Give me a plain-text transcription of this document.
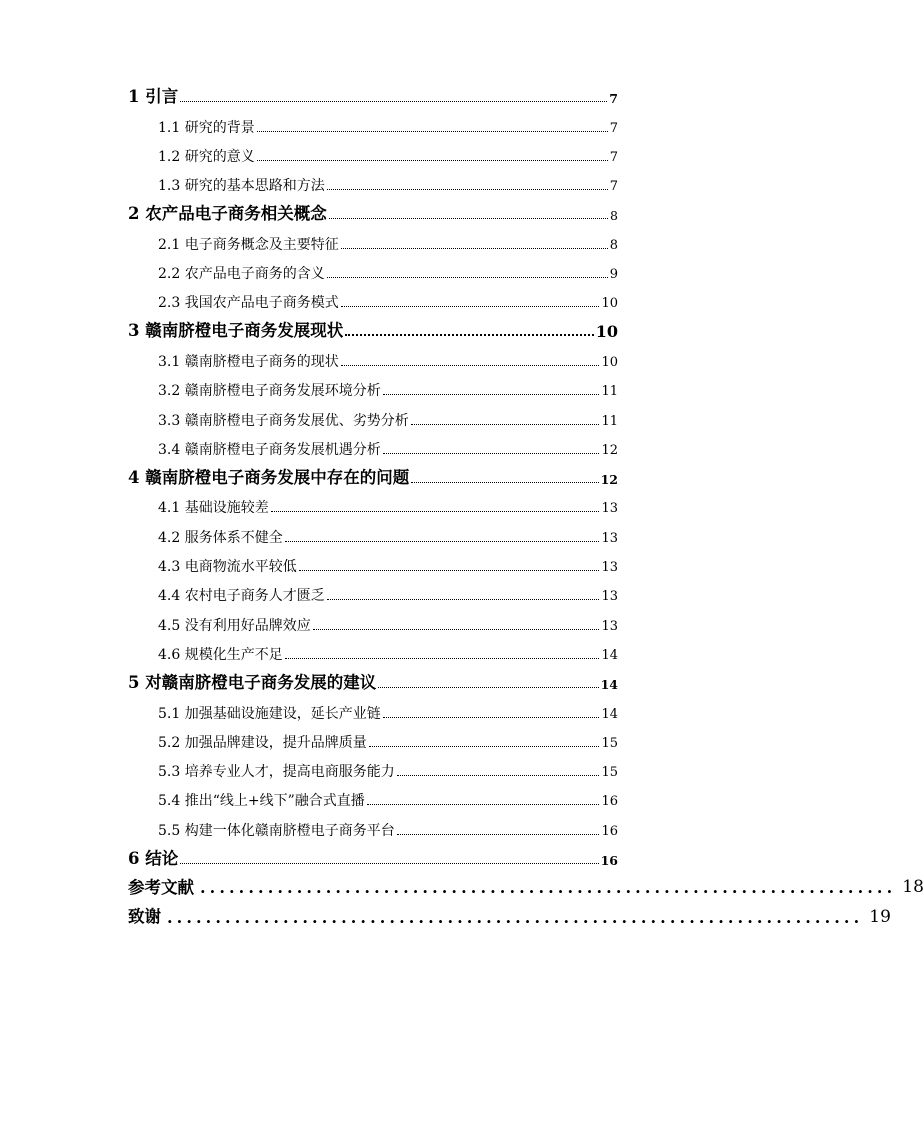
1 引言	7
1.1 研究的背景	7
1.2 研究的意义	7
1.3 研究的基本思路和方法	7
2 农产品电子商务相关概念	8
2.1 电子商务概念及主要特征	8
2.2 农产品电子商务的含义	9
2.3 我国农产品电子商务模式	10
3 赣南脐橙电子商务发展现状	10
3.1 赣南脐橙电子商务的现状	10
3.2 赣南脐橙电子商务发展环境分析	11
3.3 赣南脐橙电子商务发展优、劣势分析	11
3.4 赣南脐橙电子商务发展机遇分析	12
4 赣南脐橙电子商务发展中存在的问题	12
4.1 基础设施较差	13
4.2 服务体系不健全	13
4.3 电商物流水平较低	13
4.4 农村电子商务人才匮乏	13
4.5 没有利用好品牌效应	13
4.6 规模化生产不足	14
5 对赣南脐橙电子商务发展的建议	14
5.1 加强基础设施建设，延长产业链	14
5.2 加强品牌建设，提升品牌质量	15
5.3 培养专业人才，提高电商服务能力	15
5.4 推出“线上+线下”融合式直播	16
5.5 构建一体化赣南脐橙电子商务平台	16
6 结论	16
参考文献 ........................................................................ 18
致谢 ........................................................................ 19
